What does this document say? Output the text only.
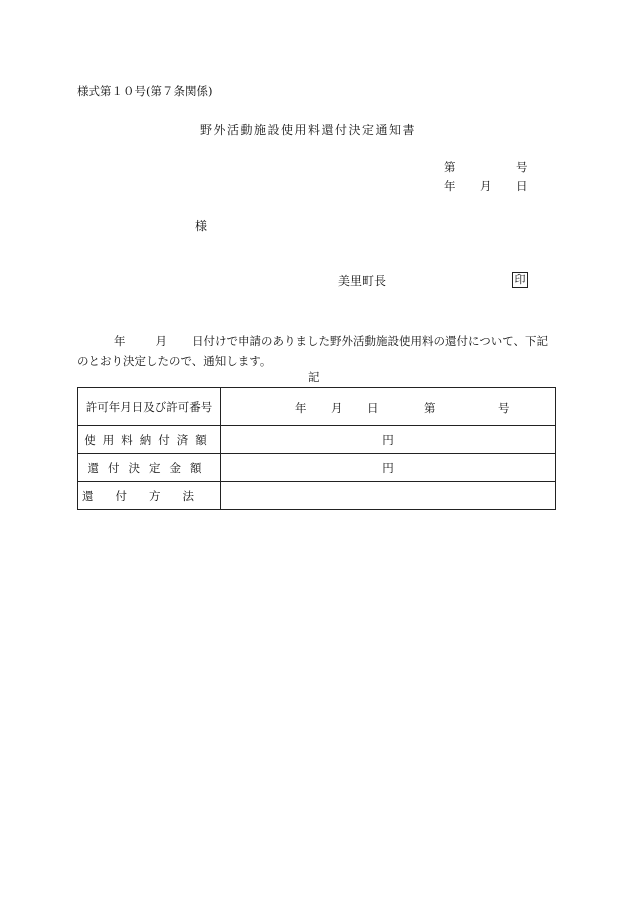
様式第１０号(第７条関係)
野外活動施設使用料還付決定通知書
第	号
年 月 日
様
美里町長	印
年	月 日付けで申請のありました野外活動施設使用料の還付について、下記
のとおり決定したので、通知します。
記
許可年月日及び許可番号	年 月 日 第 号

使用料納付済額	円
還付決定金額	円
還付方法	
